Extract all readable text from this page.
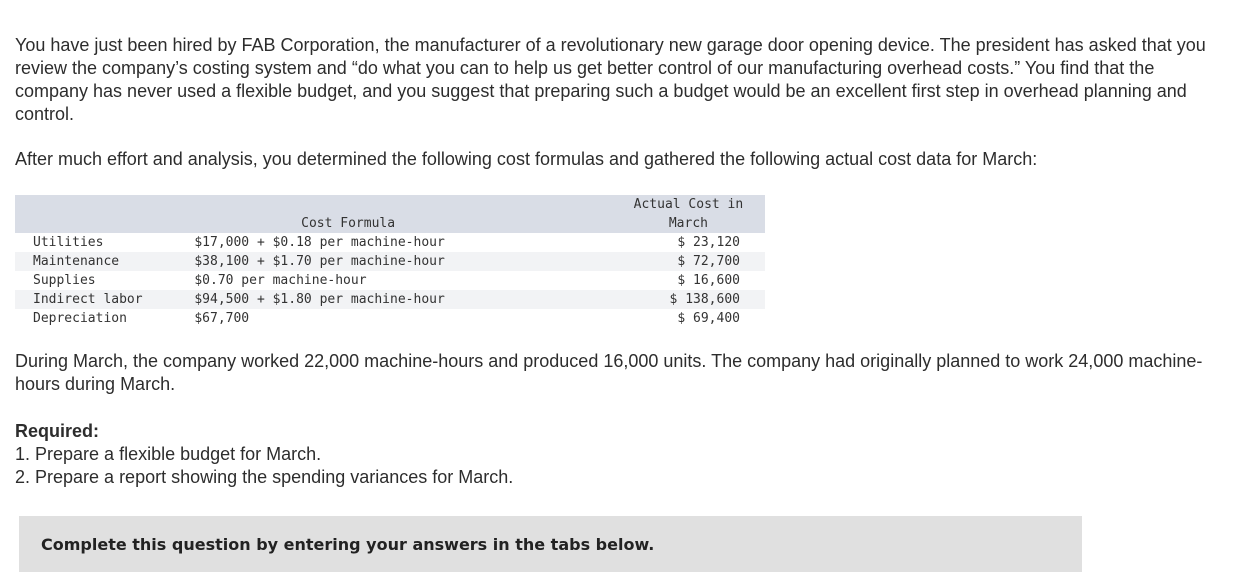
You have just been hired by FAB Corporation, the manufacturer of a revolutionary new garage door opening device. The president has asked that you review the company’s costing system and “do what you can to help us get better control of our manufacturing overhead costs.” You find that the company has never used a flexible budget, and you suggest that preparing such a budget would be an excellent first step in overhead planning and control.

After much effort and analysis, you determined the following cost formulas and gathered the following actual cost data for March:

	Cost Formula	Actual Cost in
March
Utilities	$17,000 + $0.18 per machine-hour	$ 23,120
Maintenance	$38,100 + $1.70 per machine-hour	$ 72,700
Supplies	$0.70 per machine-hour	$ 16,600
Indirect labor	$94,500 + $1.80 per machine-hour	$ 138,600
Depreciation	$67,700	$ 69,400

During March, the company worked 22,000 machine-hours and produced 16,000 units. The company had originally planned to work 24,000 machine-hours during March.

Required:
1. Prepare a flexible budget for March.
2. Prepare a report showing the spending variances for March.
Complete this question by entering your answers in the tabs below.
